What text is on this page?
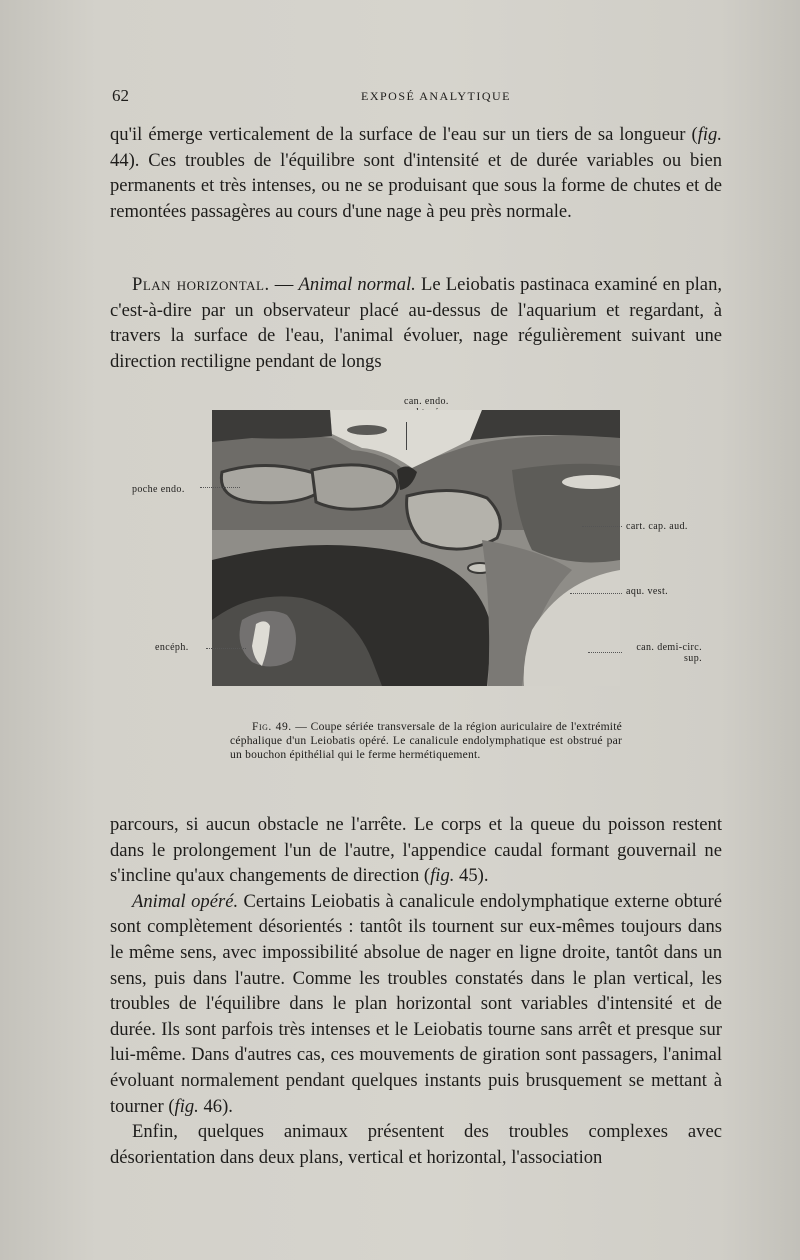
62	EXPOSÉ ANALYTIQUE

qu'il émerge verticalement de la surface de l'eau sur un tiers de sa longueur (fig. 44). Ces troubles de l'équilibre sont d'intensité et de durée variables ou bien permanents et très intenses, ou ne se produisant que sous la forme de chutes et de remontées passagères au cours d'une nage à peu près normale.

Plan horizontal. — Animal normal. Le Leiobatis pastinaca examiné en plan, c'est-à-dire par un observateur placé au-dessus de l'aquarium et regardant, à travers la surface de l'eau, l'animal évoluer, nage régulièrement suivant une direction rectiligne pendant de longs

can. endo.

poche endo.
encéph.
cart. cap. aud.
aqu. vest.
can. demi-circ.
sup.

Fig. 49. — Coupe sériée transversale de la région auriculaire de l'extrémité céphalique d'un Leiobatis opéré. Le canalicule endolymphatique est obstrué par un bouchon épithélial qui le ferme hermétiquement.

parcours, si aucun obstacle ne l'arrête. Le corps et la queue du poisson restent dans le prolongement l'un de l'autre, l'appendice caudal formant gouvernail ne s'incline qu'aux changements de direction (fig. 45).

Animal opéré. Certains Leiobatis à canalicule endolymphatique externe obturé sont complètement désorientés : tantôt ils tournent sur eux-mêmes toujours dans le même sens, avec impossibilité absolue de nager en ligne droite, tantôt dans un sens, puis dans l'autre. Comme les troubles constatés dans le plan vertical, les troubles de l'équilibre dans le plan horizontal sont variables d'intensité et de durée. Ils sont parfois très intenses et le Leiobatis tourne sans arrêt et presque sur lui-même. Dans d'autres cas, ces mouvements de giration sont passagers, l'animal évoluant normalement pendant quelques instants puis brusquement se mettant à tourner (fig. 46).

Enfin, quelques animaux présentent des troubles complexes avec désorientation dans deux plans, vertical et horizontal, l'association
